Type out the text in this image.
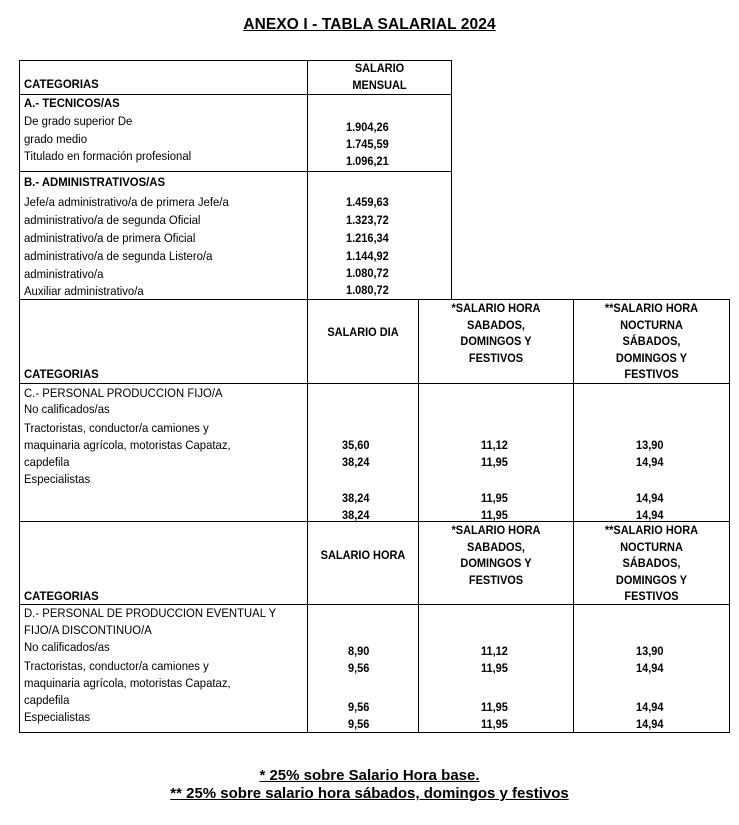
ANEXO I - TABLA SALARIAL 2024
CATEGORIAS
SALARIO
MENSUAL
A.- TECNICOS/AS
De grado superior De
grado medio
Titulado en formación profesional
1.904,26
1.745,59
1.096,21
B.- ADMINISTRATIVOS/AS
Jefe/a administrativo/a de primera Jefe/a
administrativo/a de segunda Oficial
administrativo/a de primera Oficial
administrativo/a de segunda Listero/a
administrativo/a
Auxiliar administrativo/a
1.459,63
1.323,72
1.216,34
1.144,92
1.080,72
1.080,72
CATEGORIAS
SALARIO DIA
*SALARIO HORA
SABADOS,
DOMINGOS Y
FESTIVOS
**SALARIO HORA
NOCTURNA
SÁBADOS,
DOMINGOS Y
FESTIVOS
C.- PERSONAL PRODUCCION FIJO/A
No calificados/as
Tractoristas, conductor/a camiones y
maquinaria agrícola, motoristas Capataz,
capdefila
Especialistas
35,60
38,24
38,24
38,24
11,12
11,95
11,95
11,95
13,90
14,94
14,94
14,94
CATEGORIAS
SALARIO HORA
*SALARIO HORA
SABADOS,
DOMINGOS Y
FESTIVOS
**SALARIO HORA
NOCTURNA
SÁBADOS,
DOMINGOS Y
FESTIVOS
D.- PERSONAL DE PRODUCCION EVENTUAL Y
FIJO/A DISCONTINUO/A
No calificados/as
Tractoristas, conductor/a camiones y
maquinaria agrícola, motoristas Capataz,
capdefila
Especialistas
8,90
9,56
9,56
9,56
11,12
11,95
11,95
11,95
13,90
14,94
14,94
14,94
* 25% sobre Salario Hora base.
** 25% sobre salario hora sábados, domingos y festivos
